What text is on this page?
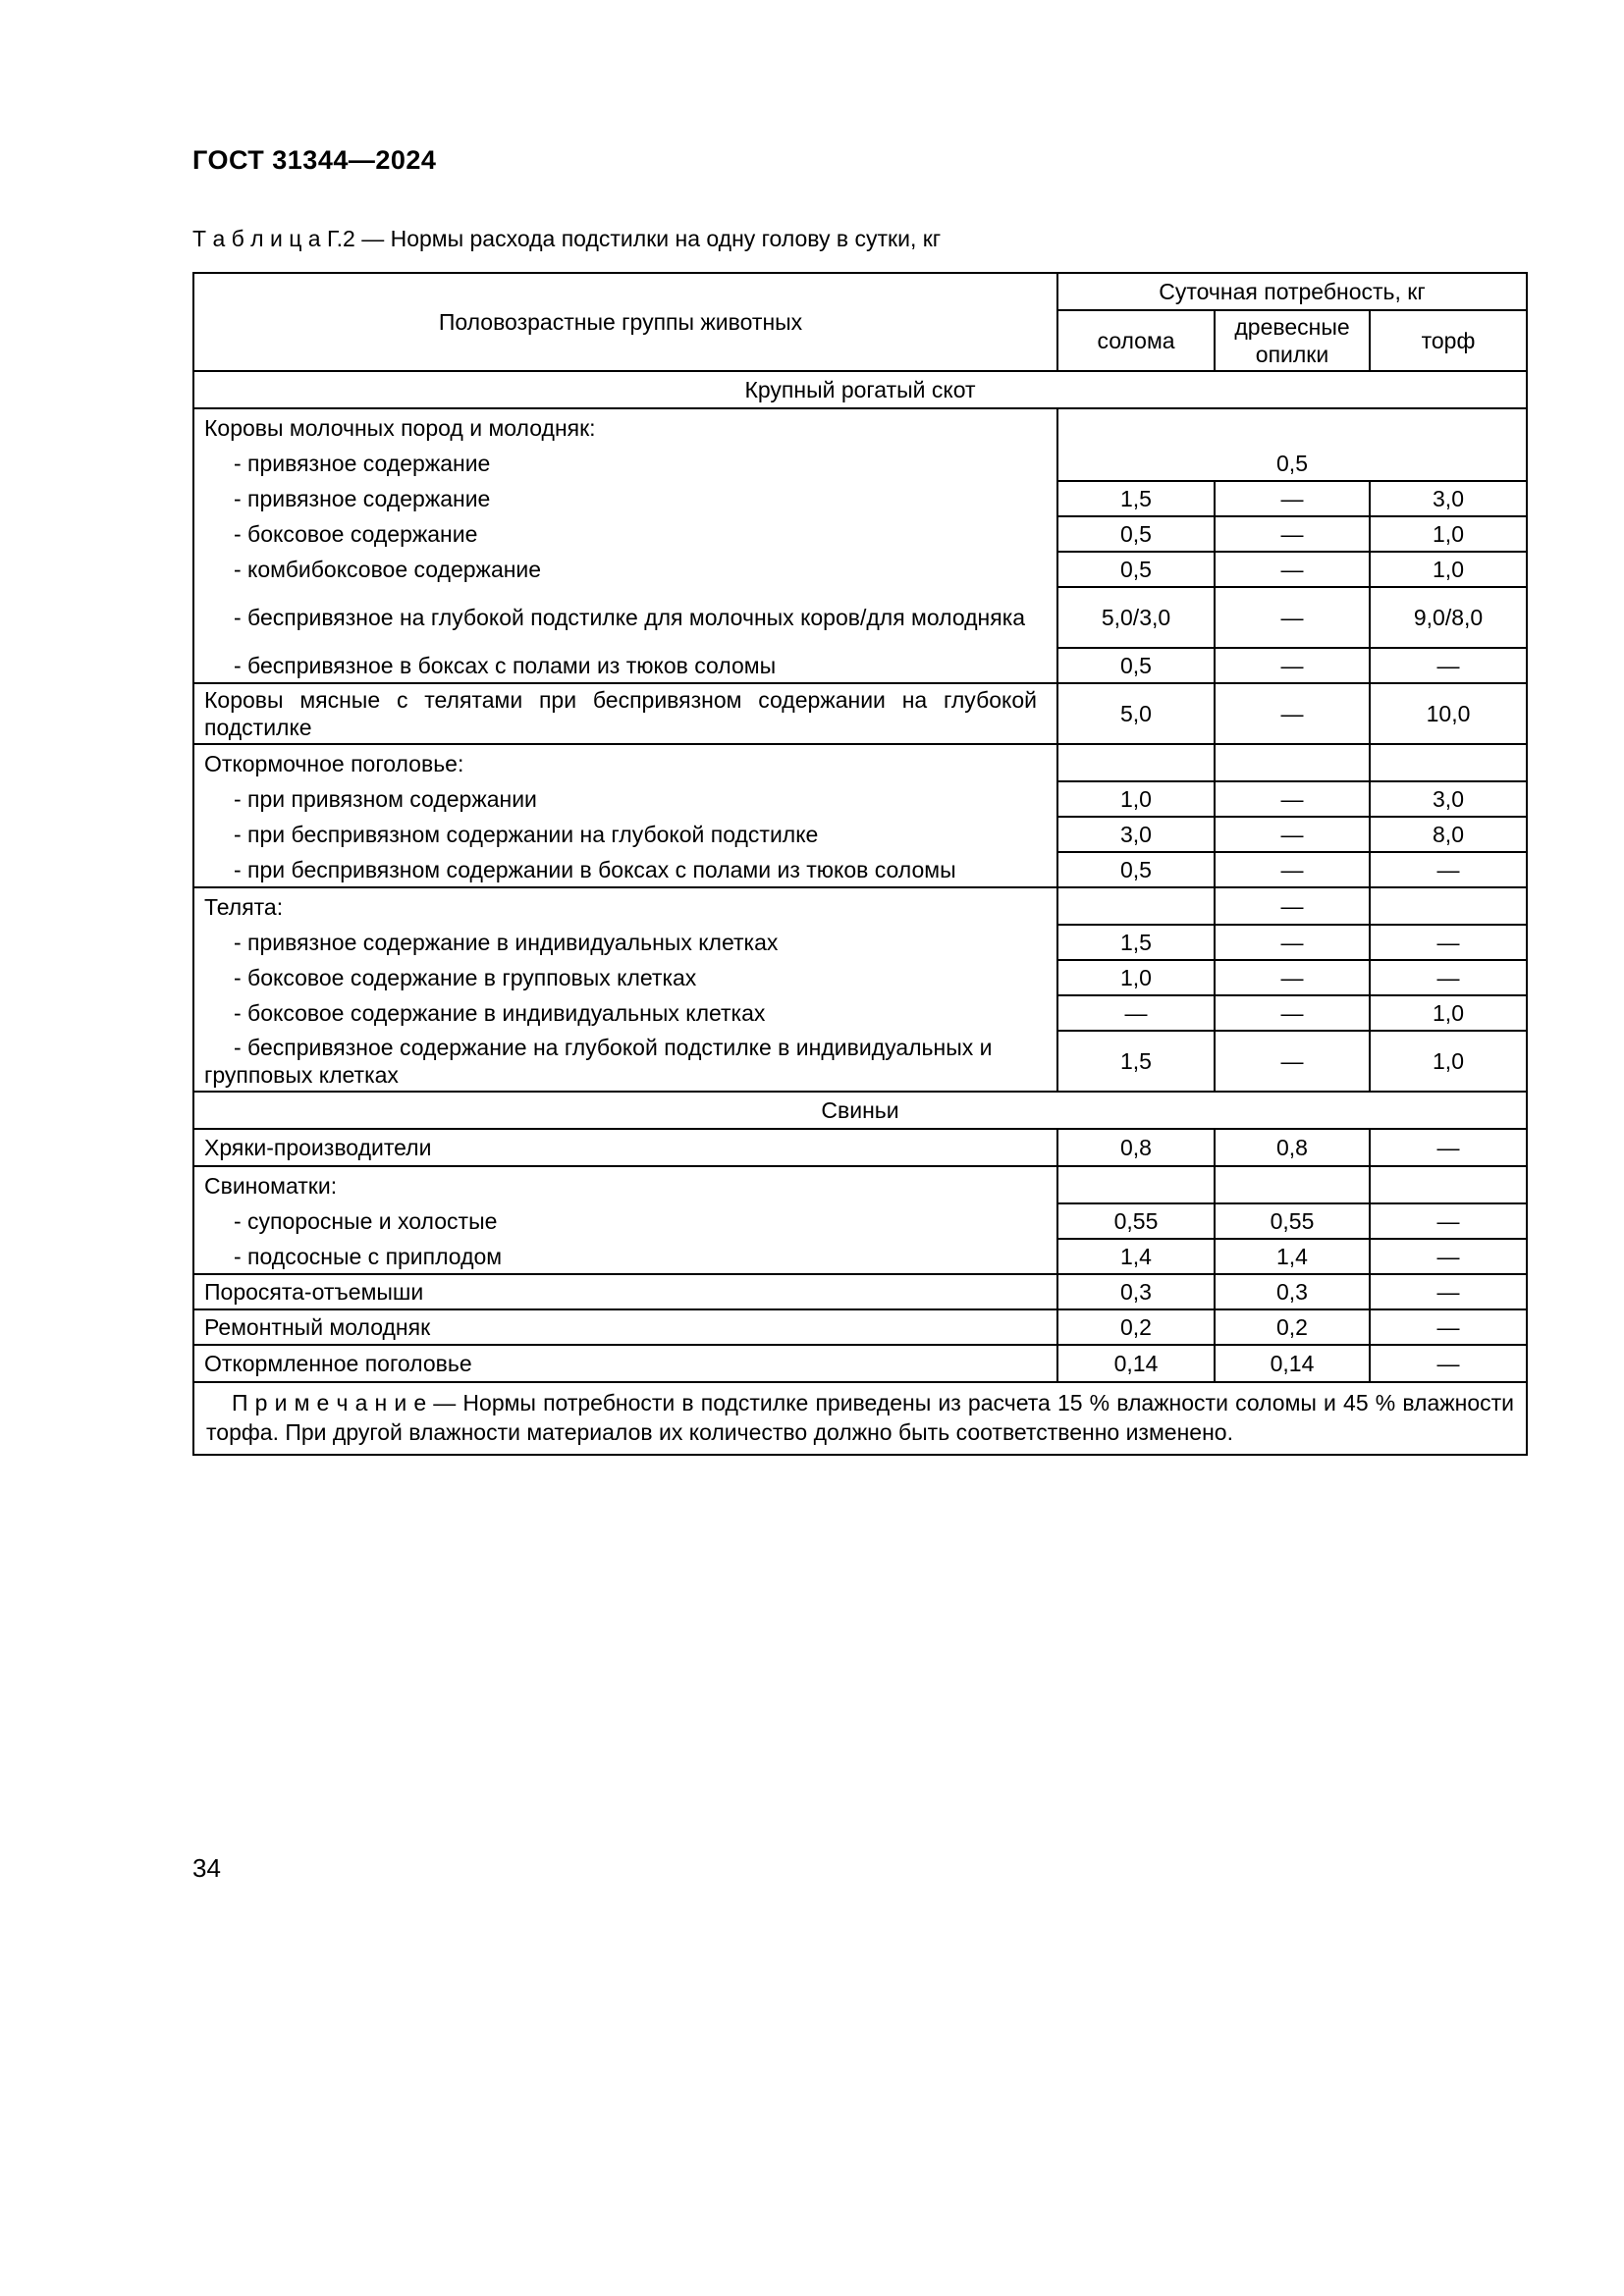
ГОСТ 31344—2024
Т а б л и ц а Г.2 — Нормы расхода подстилки на одну голову в сутки, кг
Половозрастные группы животных	Суточная потребность, кг		
	солома	древесные опилки	торф
Крупный рогатый скот			
Коровы молочных пород и молодняк:			
- привязное содержание	0,5		
- привязное содержание	1,5	—	3,0
- боксовое содержание	0,5	—	1,0
- комбибоксовое содержание	0,5	—	1,0
- беспривязное на глубокой подстилке для молочных коров/для молодняка	5,0/3,0	—	9,0/8,0
- беспривязное в боксах с полами из тюков соломы	0,5	—	—
Коровы мясные с телятами при беспривязном содержании на глубокой подстилке	5,0	—	10,0
Откормочное поголовье:			
- при привязном содержании	1,0	—	3,0
- при беспривязном содержании на глубокой подстилке	3,0	—	8,0
- при беспривязном содержании в боксах с полами из тюков соломы	0,5	—	—
Телята:		—	
- привязное содержание в индивидуальных клетках	1,5	—	—
- боксовое содержание в групповых клетках	1,0	—	—
- боксовое содержание в индивидуальных клетках	—	—	1,0
- беспривязное содержание на глубокой подстилке в индивидуальных и групповых клетках	1,5	—	1,0
Свиньи			
Хряки-производители	0,8	0,8	—
Свиноматки:			
- супоросные и холостые	0,55	0,55	—
- подсосные с приплодом	1,4	1,4	—
Поросята-отъемыши	0,3	0,3	—
Ремонтный молодняк	0,2	0,2	—
Откормленное поголовье	0,14	0,14	—
П р и м е ч а н и е — Нормы потребности в подстилке приведены из расчета 15 % влажности соломы и 45 % влажности торфа. При другой влажности материалов их количество должно быть соответственно изменено.			
34
